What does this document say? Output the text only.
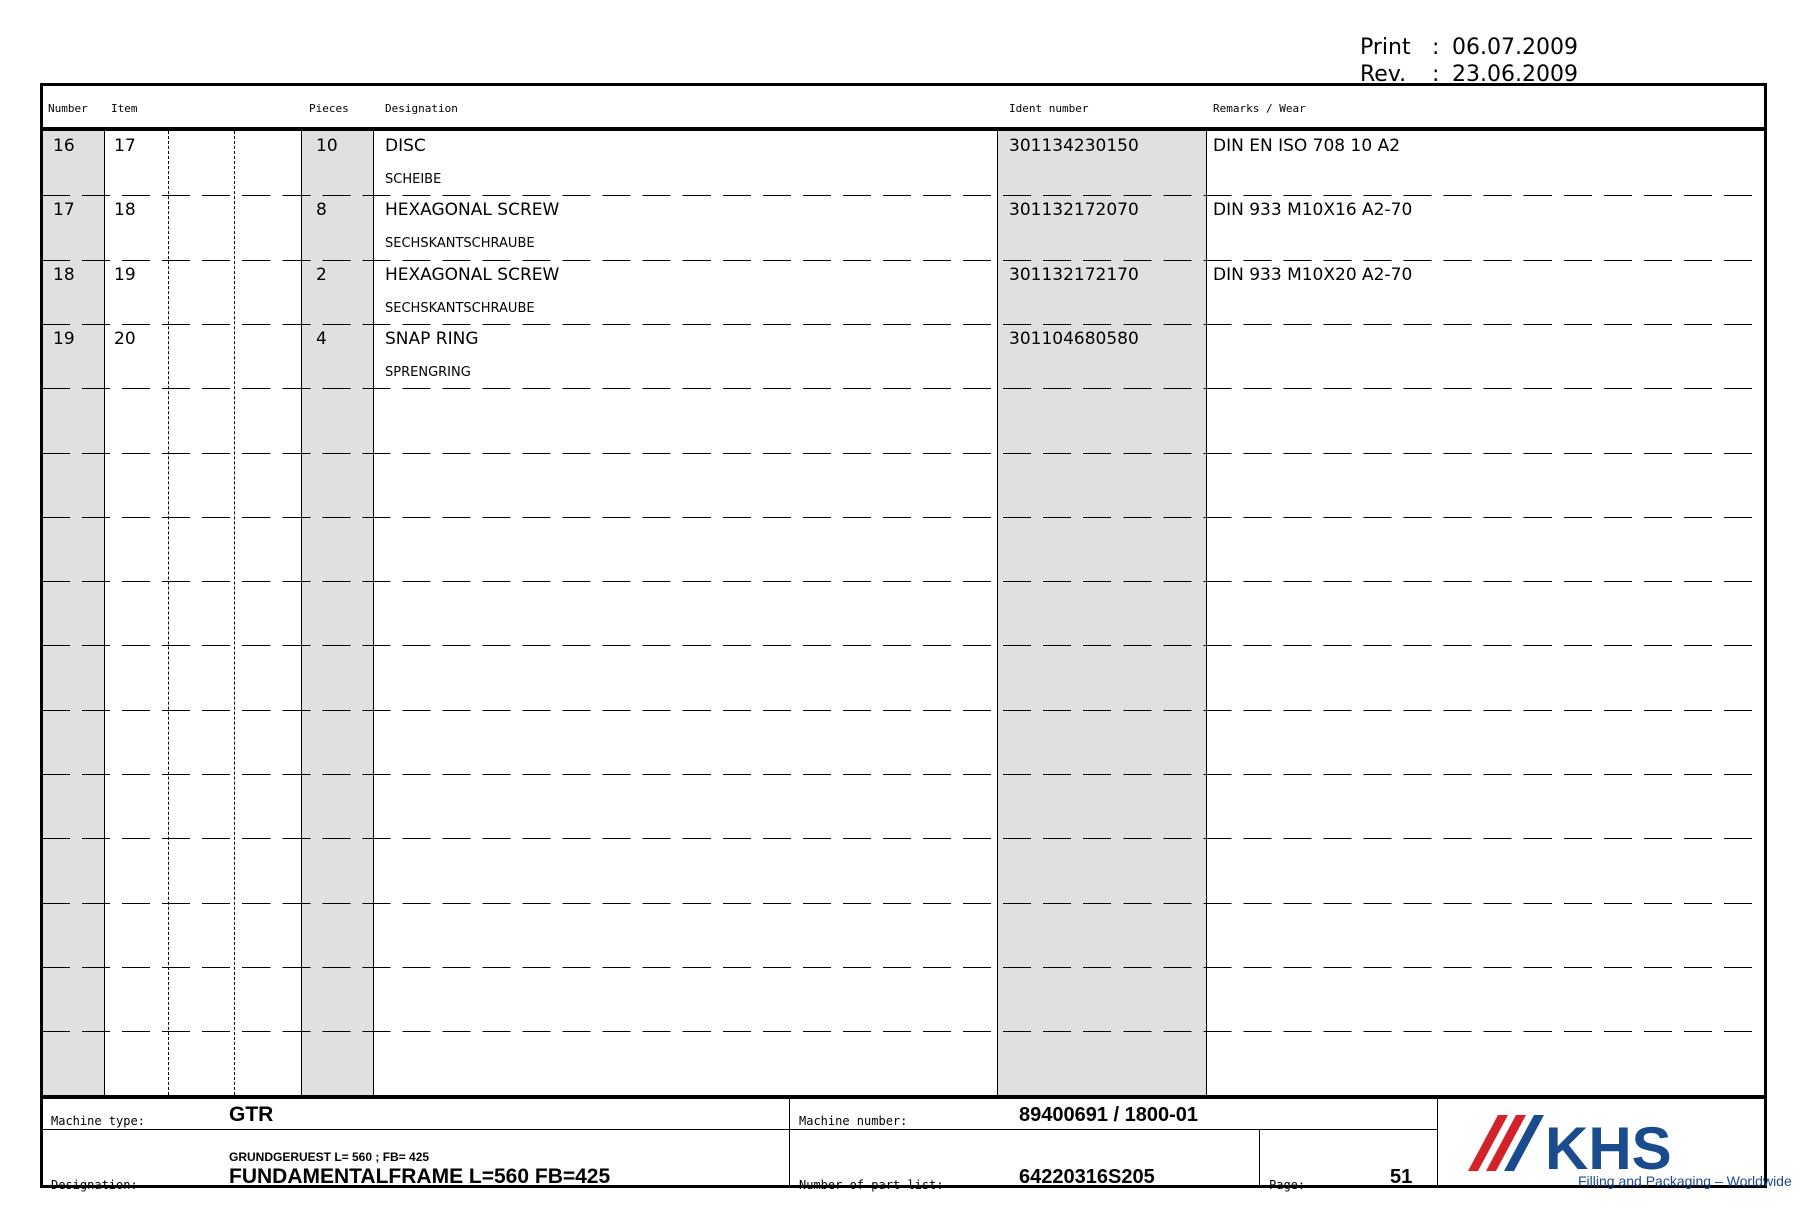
Print : 06.07.2009
Rev.	: 23.06.2009
Number Item	Pieces	Designation	Ident number	Remarks / Wear
16 17	10	DISC	301134230150	DIN EN ISO 708 10 A2
SCHEIBE
17 18	8	HEXAGONAL SCREW	301132172070	DIN 933 M10X16 A2-70
SECHSKANTSCHRAUBE
18 19	2	HEXAGONAL SCREW	301132172170	DIN 933 M10X20 A2-70
SECHSKANTSCHRAUBE
19 20	4	SNAP RING	301104680580
SPRENGRING
Machine type:	GTR
Designation:
GRUNDGERUEST L= 560 ; FB= 425
FUNDAMENTALFRAME L=560 FB=425
Machine number:	89400691 / 1800-01
Number of part list:	64220316S205	Page:	51 KHS
Filling and Packaging – Worldwide
